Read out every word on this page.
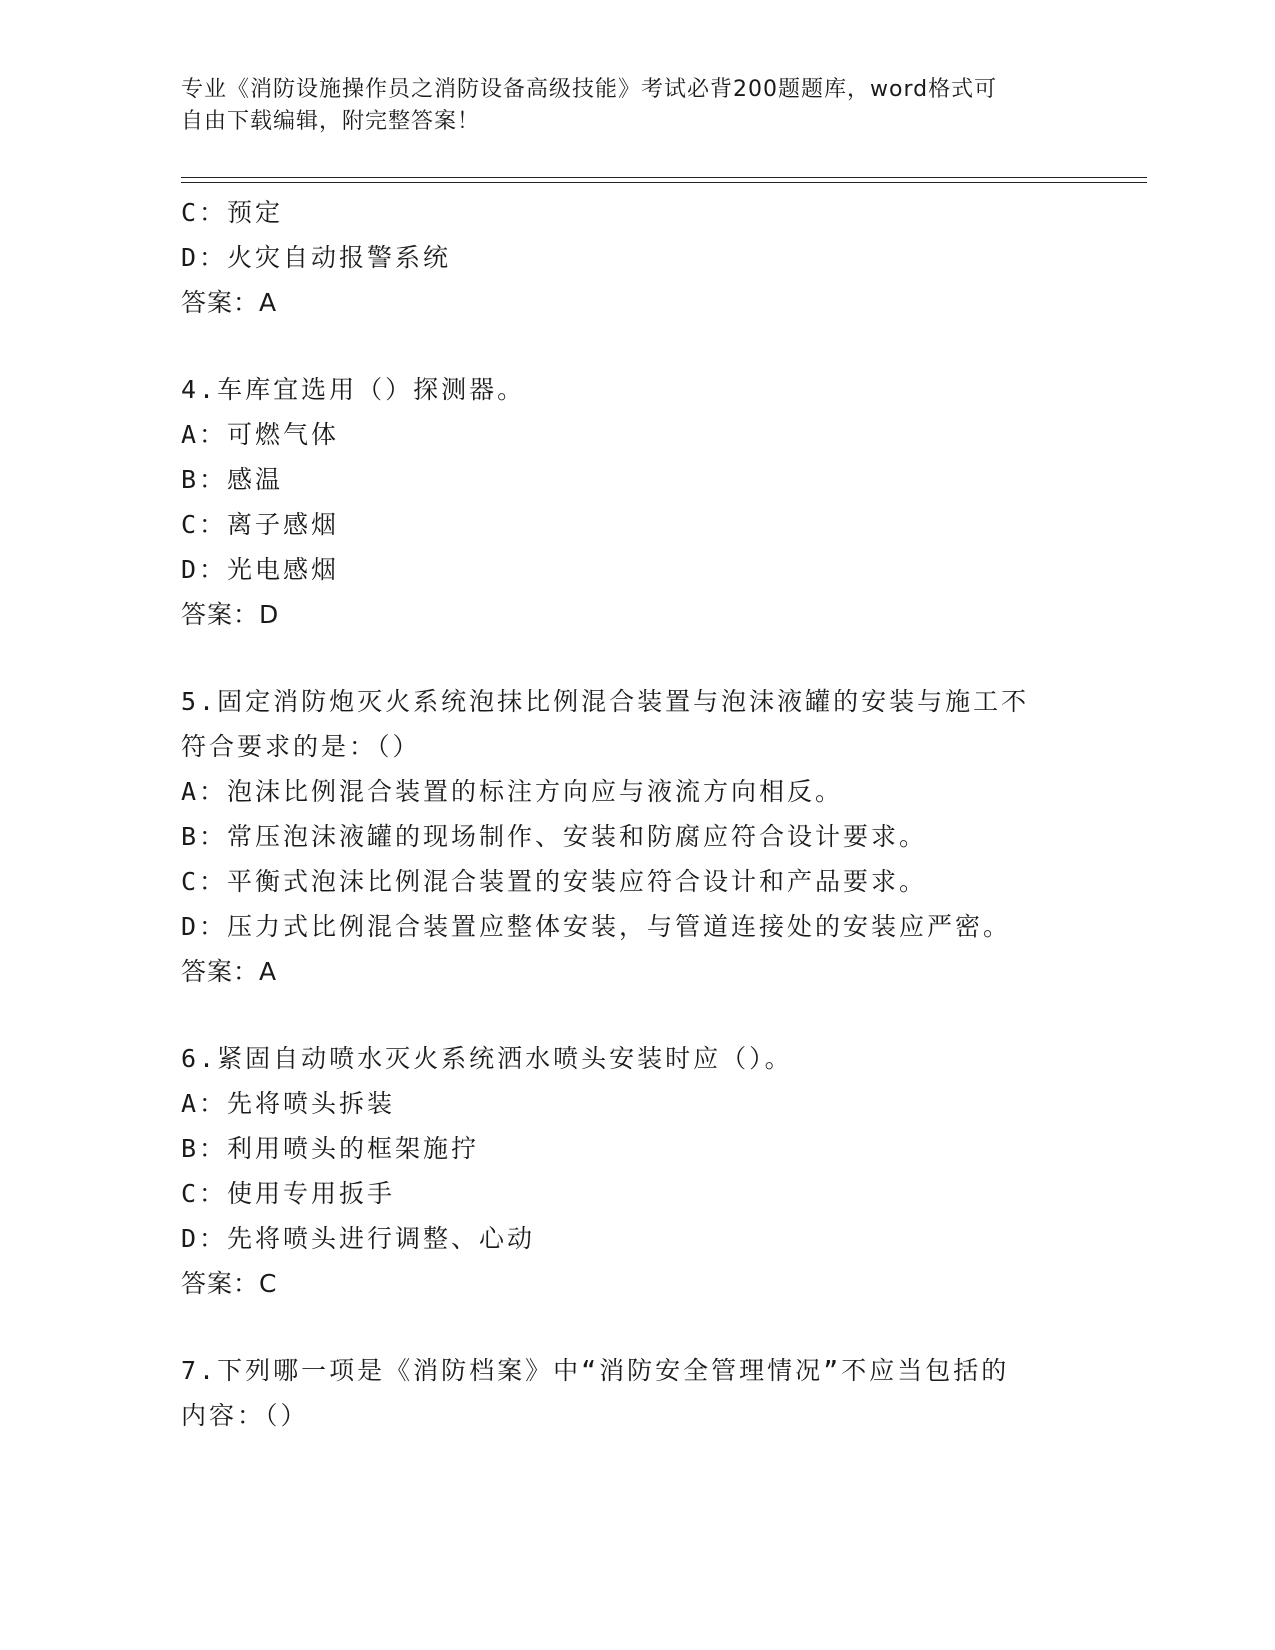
专业《消防设施操作员之消防设备高级技能》考试必背200题题库，word格式可
自由下载编辑，附完整答案！
C：预定
D：火灾自动报警系统
答案：A
4.车库宜选用（）探测器。
A：可燃气体
B：感温
C：离子感烟
D：光电感烟
答案：D
5.固定消防炮灭火系统泡抹比例混合装置与泡沫液罐的安装与施工不
符合要求的是：（）
A：泡沫比例混合装置的标注方向应与液流方向相反。
B：常压泡沫液罐的现场制作、安装和防腐应符合设计要求。
C：平衡式泡沫比例混合装置的安装应符合设计和产品要求。
D：压力式比例混合装置应整体安装，与管道连接处的安装应严密。
答案：A
6.紧固自动喷水灭火系统洒水喷头安装时应（）。
A：先将喷头拆装
B：利用喷头的框架施拧
C：使用专用扳手
D：先将喷头进行调整、心动
答案：C
7.下列哪一项是《消防档案》中“消防安全管理情况”不应当包括的
内容：（）
